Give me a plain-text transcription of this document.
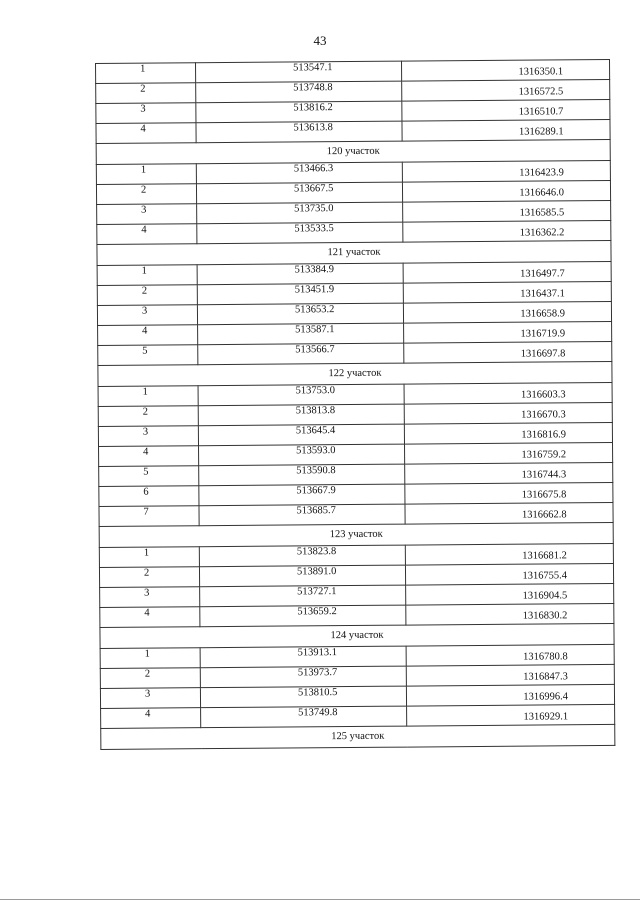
43
1	513547.1	1316350.1
2	513748.8	1316572.5
3	513816.2	1316510.7
4	513613.8	1316289.1
120 участок		
1	513466.3	1316423.9
2	513667.5	1316646.0
3	513735.0	1316585.5
4	513533.5	1316362.2
121 участок		
1	513384.9	1316497.7
2	513451.9	1316437.1
3	513653.2	1316658.9
4	513587.1	1316719.9
5	513566.7	1316697.8
122 участок		
1	513753.0	1316603.3
2	513813.8	1316670.3
3	513645.4	1316816.9
4	513593.0	1316759.2
5	513590.8	1316744.3
6	513667.9	1316675.8
7	513685.7	1316662.8
123 участок		
1	513823.8	1316681.2
2	513891.0	1316755.4
3	513727.1	1316904.5
4	513659.2	1316830.2
124 участок		
1	513913.1	1316780.8
2	513973.7	1316847.3
3	513810.5	1316996.4
4	513749.8	1316929.1
125 участок		
